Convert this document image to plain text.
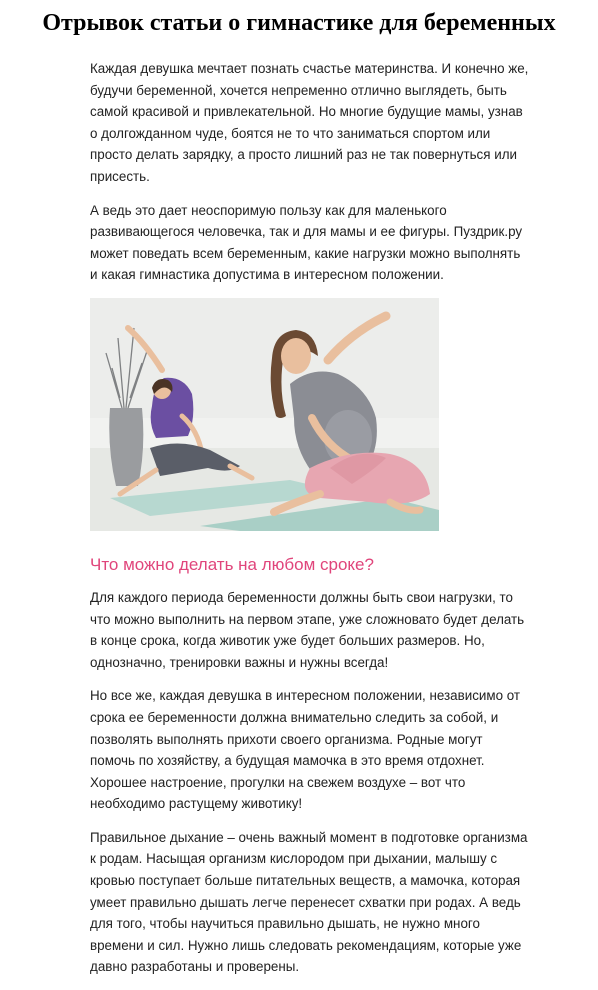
Отрывок статьи о гимнастике для беременных

Каждая девушка мечтает познать счастье материнства. И конечно же, будучи беременной, хочется непременно отлично выглядеть, быть самой красивой и привлекательной. Но многие будущие мамы, узнав о долгожданном чуде, боятся не то что заниматься спортом или просто делать зарядку, а просто лишний раз не так повернуться или присесть.

А ведь это дает неоспоримую пользу как для маленького развивающегося человечка, так и для мамы и ее фигуры. Пуздрик.ру может поведать всем беременным, какие нагрузки можно выполнять и какая гимнастика допустима в интересном положении.

Что можно делать на любом сроке?

Для каждого периода беременности должны быть свои нагрузки, то что можно выполнить на первом этапе, уже сложновато будет делать в конце срока, когда животик уже будет больших размеров. Но, однозначно, тренировки важны и нужны всегда!

Но все же, каждая девушка в интересном положении, независимо от срока ее беременности должна внимательно следить за собой, и позволять выполнять прихоти своего организма. Родные могут помочь по хозяйству, а будущая мамочка в это время отдохнет. Хорошее настроение, прогулки на свежем воздухе – вот что необходимо растущему животику!

Правильное дыхание – очень важный момент в подготовке организма к родам. Насыщая организм кислородом при дыхании, малышу с кровью поступает больше питательных веществ, а мамочка, которая умеет правильно дышать легче перенесет схватки при родах. А ведь для того, чтобы научиться правильно дышать, не нужно много времени и сил. Нужно лишь следовать рекомендациям, которые уже давно разработаны и проверены.
